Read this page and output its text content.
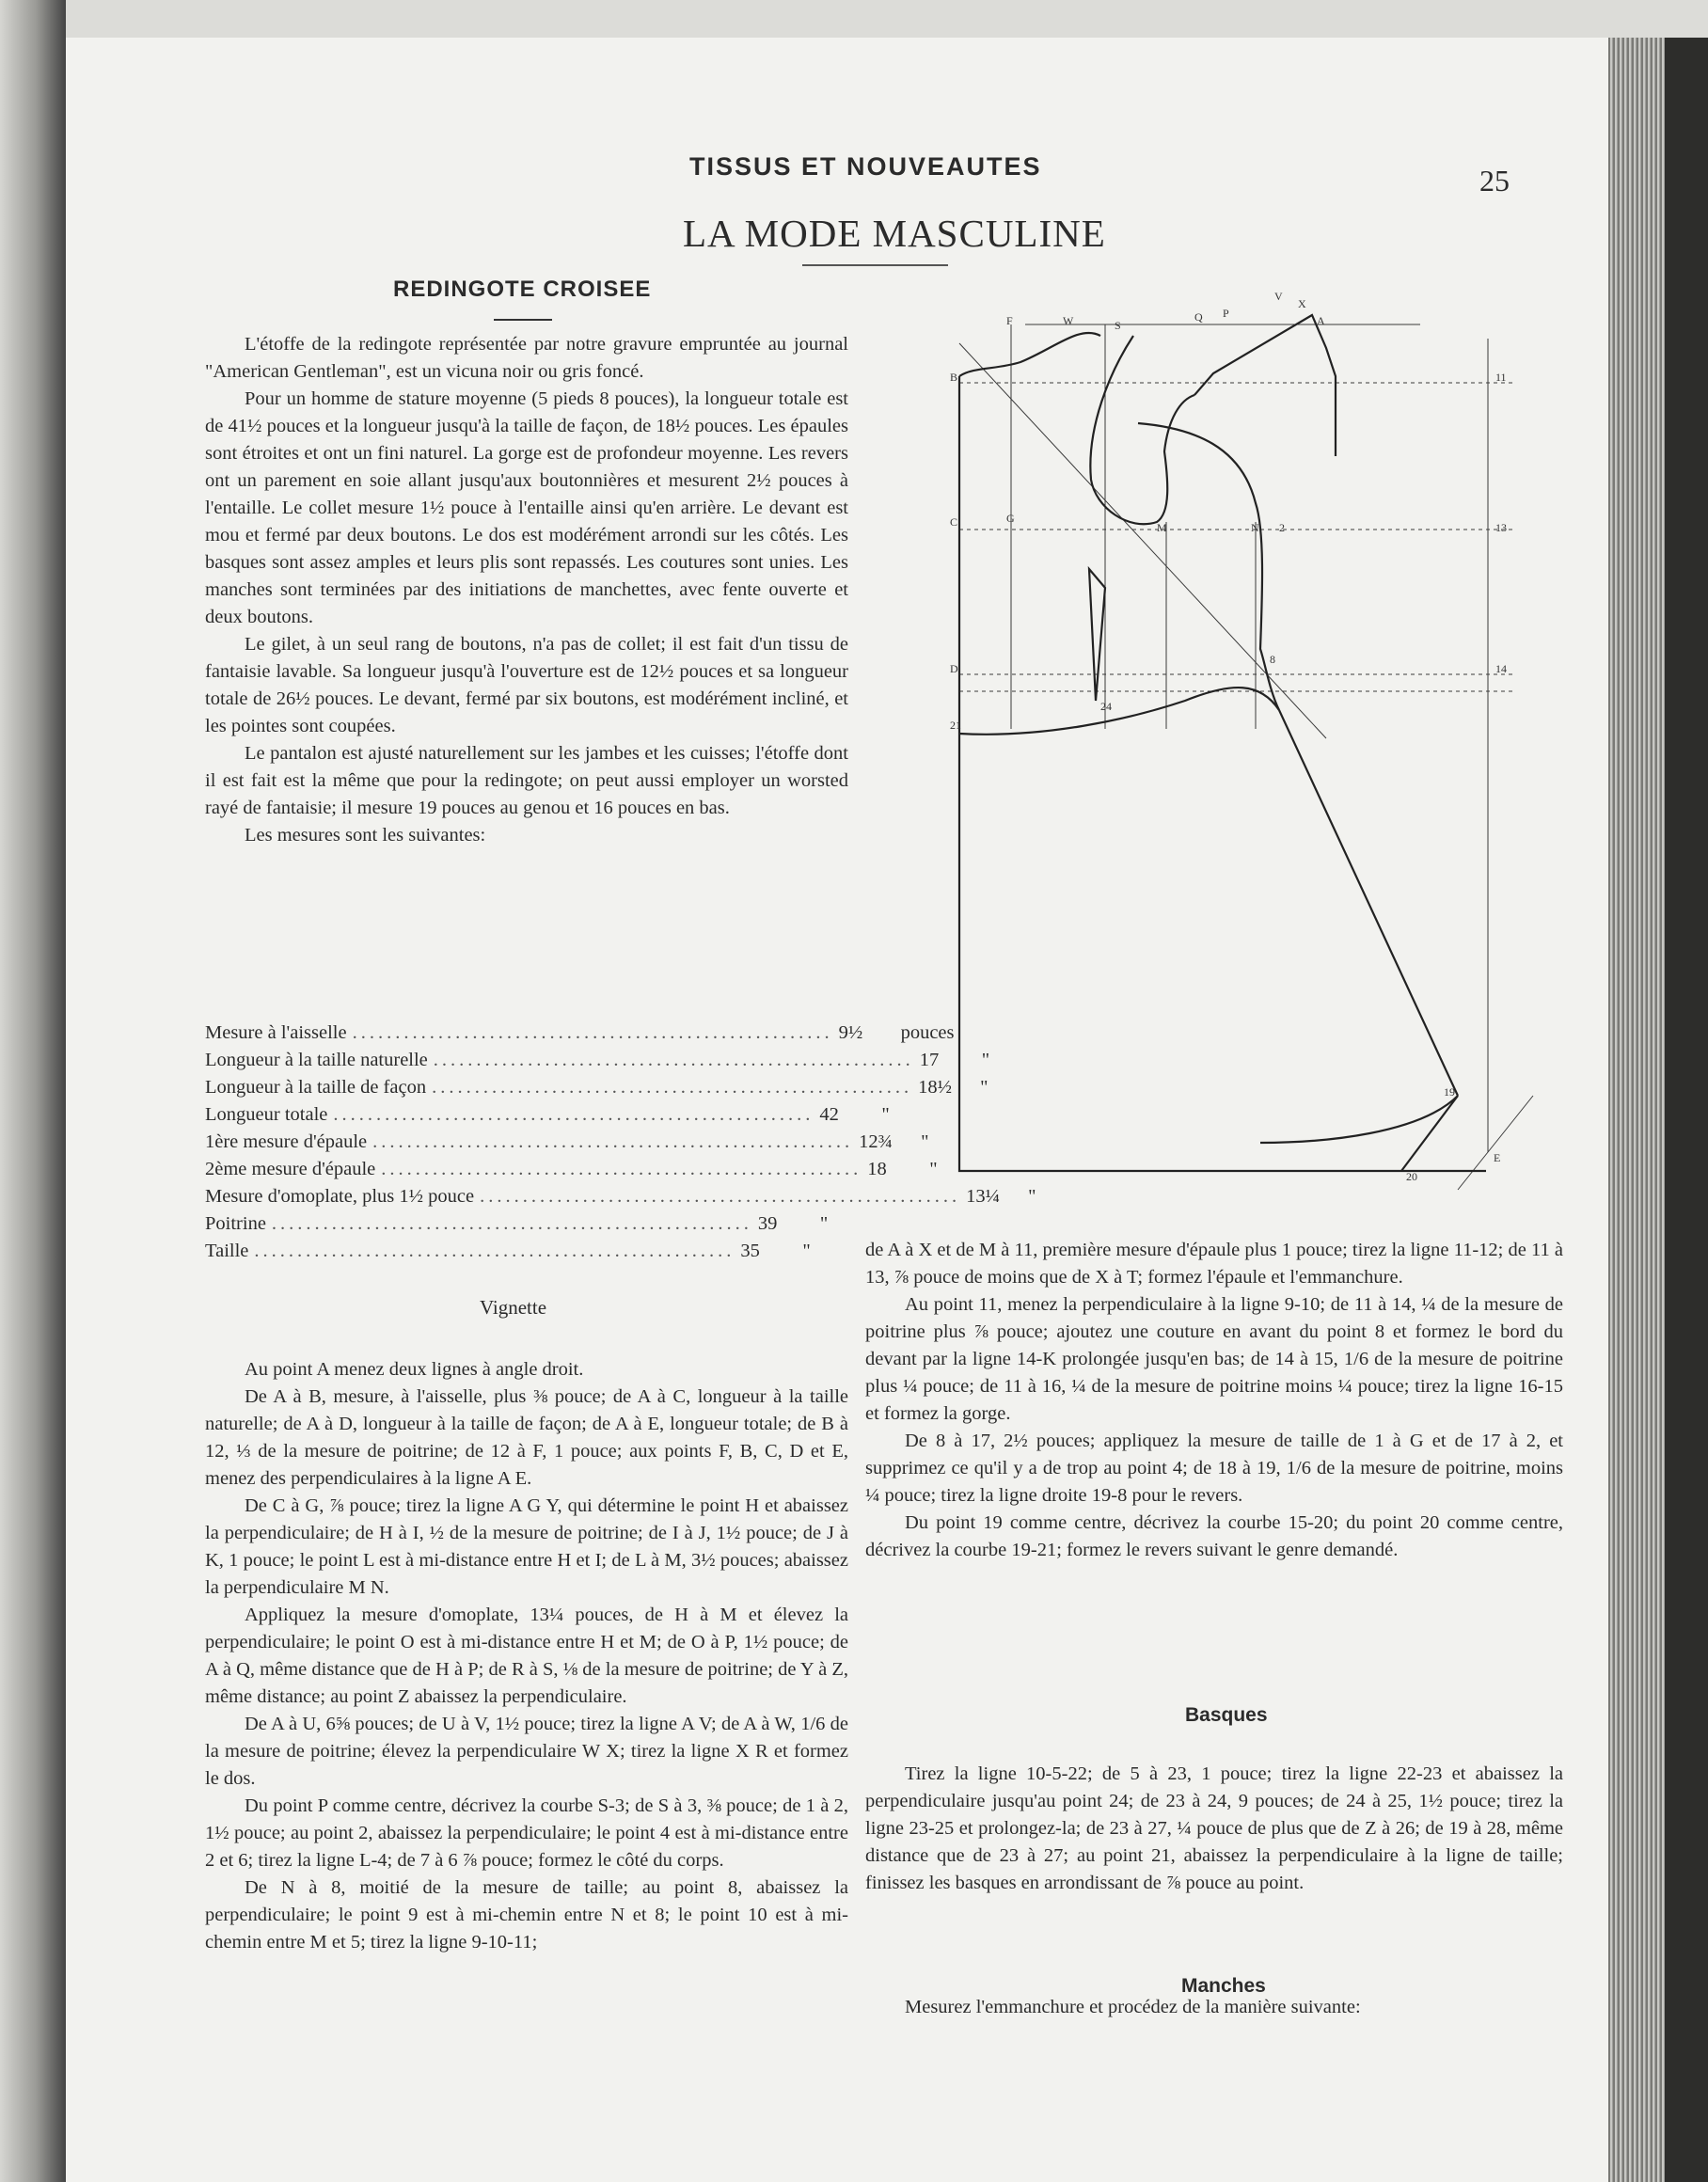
TISSUS ET NOUVEAUTES	25
LA MODE MASCULINE
REDINGOTE CROISEE

L'étoffe de la redingote représentée par notre gravure empruntée au journal "American Gentleman", est un vicuna noir ou gris foncé.

Pour un homme de stature moyenne (5 pieds 8 pouces), la longueur totale est de 41½ pouces et la longueur jusqu'à la taille de façon, de 18½ pouces. Les épaules sont étroites et ont un fini naturel. La gorge est de profondeur moyenne. Les revers ont un parement en soie allant jusqu'aux boutonnières et mesurent 2½ pouces à l'entaille. Le collet mesure 1½ pouce à l'entaille ainsi qu'en arrière. Le devant est mou et fermé par deux boutons. Le dos est modérément arrondi sur les côtés. Les basques sont assez amples et leurs plis sont repassés. Les coutures sont unies. Les manches sont terminées par des initiations de manchettes, avec fente ouverte et deux boutons.

Le gilet, à un seul rang de boutons, n'a pas de collet; il est fait d'un tissu de fantaisie lavable. Sa longueur jusqu'à l'ouverture est de 12½ pouces et sa longueur totale de 26½ pouces. Le devant, fermé par six boutons, est modérément incliné, et les pointes sont coupées.

Le pantalon est ajusté naturellement sur les jambes et les cuisses; l'étoffe dont il est fait est la même que pour la redingote; on peut aussi employer un worsted rayé de fantaisie; il mesure 19 pouces au genou et 16 pouces en bas.

Les mesures sont les suivantes:

Mesure à l'aisselle ........................................................ 9½	pouces
Longueur à la taille naturelle ........................................................ 17	"
Longueur à la taille de façon ........................................................ 18½	"
Longueur totale ........................................................ 42	"
1ère mesure d'épaule ........................................................ 12¾	"
2ème mesure d'épaule ........................................................ 18	"
Mesure d'omoplate, plus 1½ pouce ........................................................ 13¼	"
Poitrine ........................................................ 39	"
Taille ........................................................ 35	"
Vignette

Au point A menez deux lignes à angle droit.

De A à B, mesure, à l'aisselle, plus ⅜ pouce; de A à C, longueur à la taille naturelle; de A à D, longueur à la taille de façon; de A à E, longueur totale; de B à 12, ⅓ de la mesure de poitrine; de 12 à F, 1 pouce; aux points F, B, C, D et E, menez des perpendiculaires à la ligne A E.

De C à G, ⅞ pouce; tirez la ligne A G Y, qui détermine le point H et abaissez la perpendiculaire; de H à I, ½ de la mesure de poitrine; de I à J, 1½ pouce; de J à K, 1 pouce; le point L est à mi-distance entre H et I; de L à M, 3½ pouces; abaissez la perpendiculaire M N.

Appliquez la mesure d'omoplate, 13¼ pouces, de H à M et élevez la perpendiculaire; le point O est à mi-distance entre H et M; de O à P, 1½ pouce; de A à Q, même distance que de H à P; de R à S, ⅛ de la mesure de poitrine; de Y à Z, même distance; au point Z abaissez la perpendiculaire.

De A à U, 6⅝ pouces; de U à V, 1½ pouce; tirez la ligne A V; de A à W, 1/6 de la mesure de poitrine; élevez la perpendiculaire W X; tirez la ligne X R et formez le dos.

Du point P comme centre, décrivez la courbe S-3; de S à 3, ⅜ pouce; de 1 à 2, 1½ pouce; au point 2, abaissez la perpendiculaire; le point 4 est à mi-distance entre 2 et 6; tirez la ligne L-4; de 7 à 6 ⅞ pouce; formez le côté du corps.

De N à 8, moitié de la mesure de taille; au point 8, abaissez la perpendiculaire; le point 9 est à mi-chemin entre N et 8; le point 10 est à mi-chemin entre M et 5; tirez la ligne 9-10-11;

de A à X et de M à 11, première mesure d'épaule plus 1 pouce; tirez la ligne 11-12; de 11 à 13, ⅞ pouce de moins que de X à T; formez l'épaule et l'emmanchure.

Au point 11, menez la perpendiculaire à la ligne 9-10; de 11 à 14, ¼ de la mesure de poitrine plus ⅞ pouce; ajoutez une couture en avant du point 8 et formez le bord du devant par la ligne 14-K prolongée jusqu'en bas; de 14 à 15, 1/6 de la mesure de poitrine plus ¼ pouce; de 11 à 16, ¼ de la mesure de poitrine moins ¼ pouce; tirez la ligne 16-15 et formez la gorge.

De 8 à 17, 2½ pouces; appliquez la mesure de taille de 1 à G et de 17 à 2, et supprimez ce qu'il y a de trop au point 4; de 18 à 19, 1/6 de la mesure de poitrine, moins ¼ pouce; tirez la ligne droite 19-8 pour le revers.

Du point 19 comme centre, décrivez la courbe 15-20; du point 20 comme centre, décrivez la courbe 19-21; formez le revers suivant le genre demandé.

Basques

Tirez la ligne 10-5-22; de 5 à 23, 1 pouce; tirez la ligne 22-23 et abaissez la perpendiculaire jusqu'au point 24; de 23 à 24, 9 pouces; de 24 à 25, 1½ pouce; tirez la ligne 23-25 et prolongez-la; de 23 à 27, ¼ pouce de plus que de Z à 26; de 19 à 28, même distance que de 23 à 27; au point 21, abaissez la perpendiculaire à la ligne de taille; finissez les basques en arrondissant de ⅞ pouce au point.

Manches

Mesurez l'emmanchure et procédez de la manière suivante:

F	W	S
Q P
X
V
A
B
C
D
21
11
13
14
E
19
20
24
8
2
M	N
G
